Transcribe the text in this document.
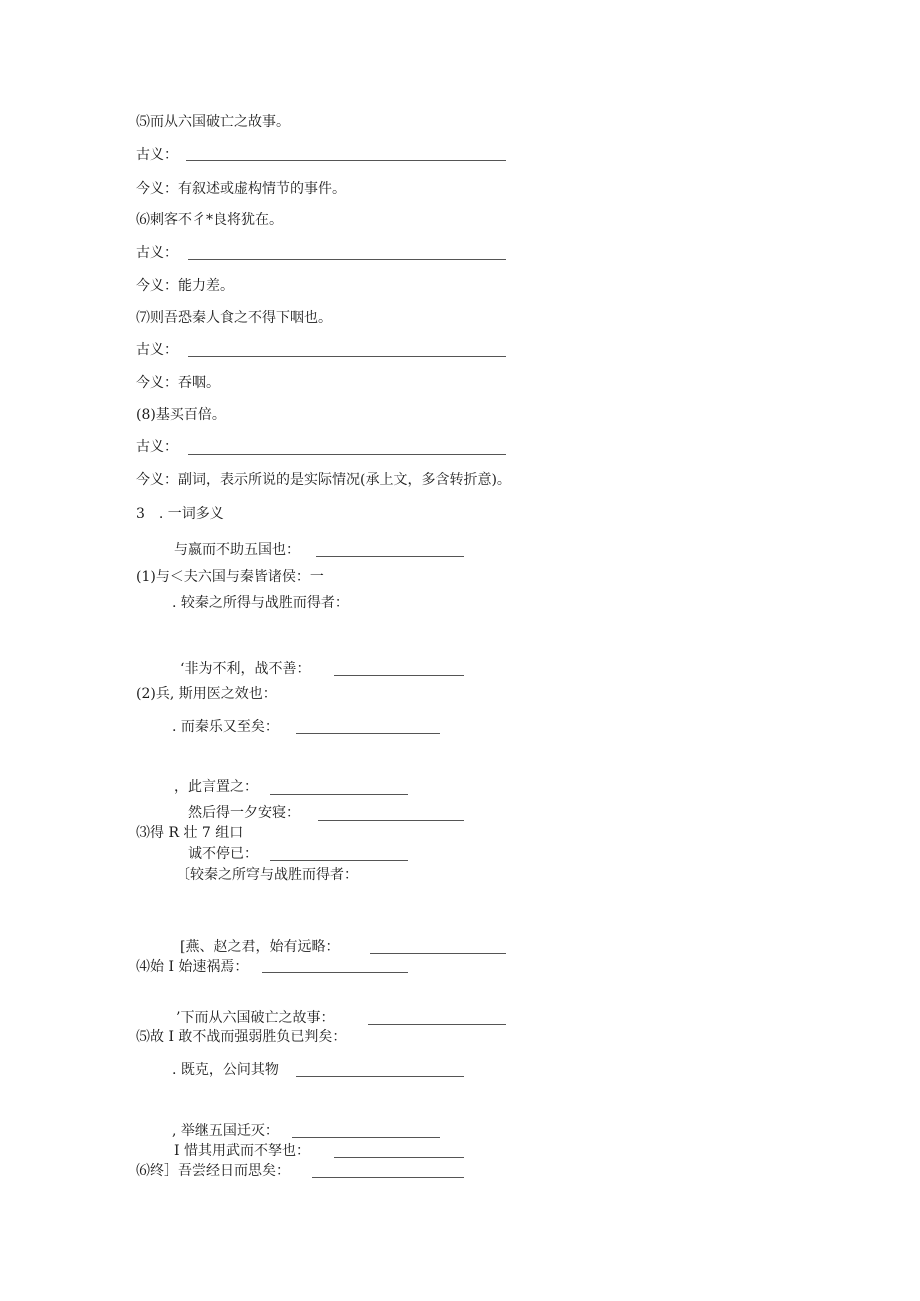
⑸而从六国破亡之故事。
古义：
今义：有叙述或虚构情节的事件。
⑹刺客不彳*良将犹在。
古义：
今义：能力差。
⑺则吾恐秦人食之不得下咽也。
古义：
今义：吞咽。
(8)基买百倍。
古义：
今义：副词，表示所说的是实际情况(承上文，多含转折意)。
3　. 一词多义
与嬴而不助五国也：
(1)与＜夫六国与秦皆诸侯：一
. 较秦之所得与战胜而得者：
‘非为不利，战不善：
(2)兵, 斯用医之效也：
. 而秦乐又至矣：
，此言置之：
然后得一夕安寝：
⑶得 R 壮 7 组口
诚不停已：
〔较秦之所穹与战胜而得者：
[燕、赵之君，始有远略：
⑷始 I 始速祸焉：
’下而从六国破亡之故事：
⑸故 I 敢不战而强弱胜负已判矣：
. 既克，公问其物
, 举继五国迁灭：
I 惜其用武而不孥也：
⑹终］吾尝经日而思矣：
